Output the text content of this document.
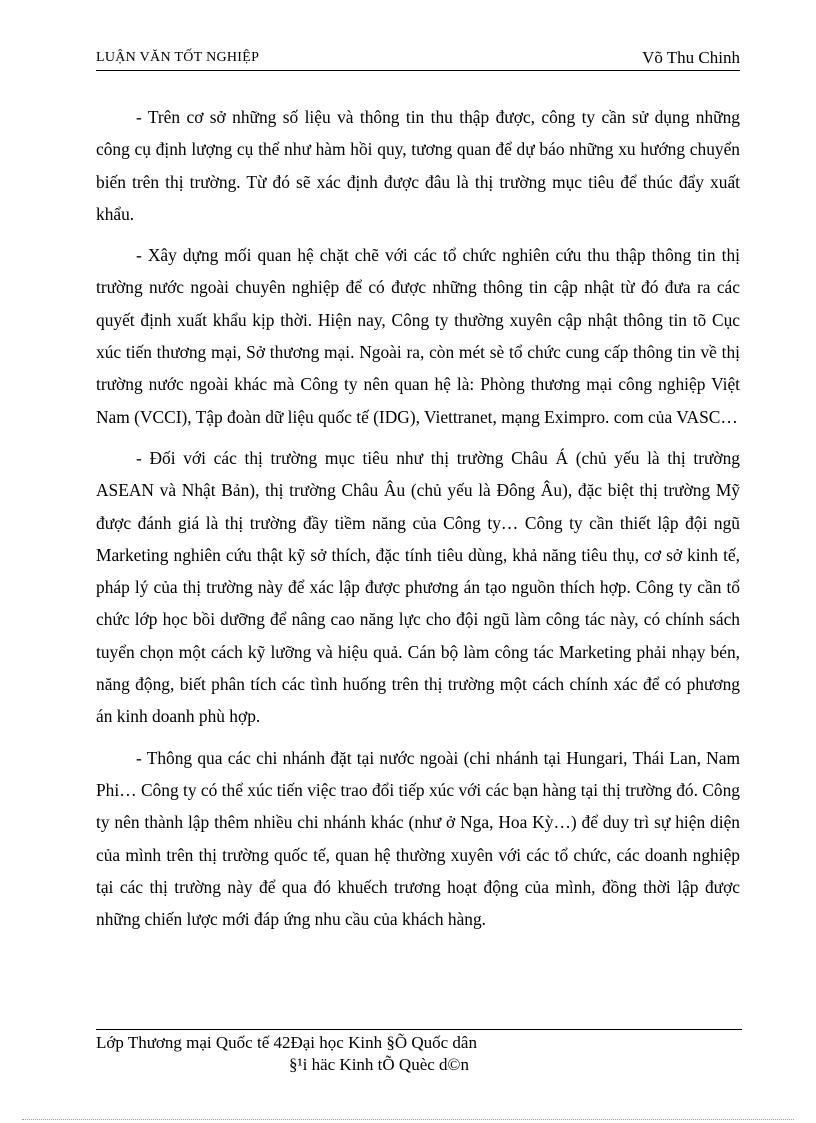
LUẬN VĂN TỐT NGHIỆP	Võ Thu Chinh

- Trên cơ sở những số liệu và thông tin thu thập được, công ty cần sử dụng những công cụ định lượng cụ thể như hàm hồi quy, tương quan để dự báo những xu hướng chuyển biến trên thị trường. Từ đó sẽ xác định được đâu là thị trường mục tiêu để thúc đẩy xuất khẩu.

- Xây dựng mối quan hệ chặt chẽ với các tổ chức nghiên cứu thu thập thông tin thị trường nước ngoài chuyên nghiệp để có được những thông tin cập nhật từ đó đưa ra các quyết định xuất khẩu kịp thời. Hiện nay, Công ty thường xuyên cập nhật thông tin tõ Cục xúc tiến thương mại, Sở thương mại. Ngoài ra, còn mét sè tổ chức cung cấp thông tin về thị trường nước ngoài khác mà Công ty nên quan hệ là: Phòng thương mại công nghiệp Việt Nam (VCCI), Tập đoàn dữ liệu quốc tế (IDG), Viettranet, mạng Eximpro. com của VASC…

- Đối với các thị trường mục tiêu như thị trường Châu Á (chủ yếu là thị trường ASEAN và Nhật Bản), thị trường Châu Âu (chủ yếu là Đông Âu), đặc biệt thị trường Mỹ được đánh giá là thị trường đầy tiềm năng của Công ty… Công ty cần thiết lập đội ngũ Marketing nghiên cứu thật kỹ sở thích, đặc tính tiêu dùng, khả năng tiêu thụ, cơ sở kinh tế, pháp lý của thị trường này để xác lập được phương án tạo nguồn thích hợp. Công ty cần tổ chức lớp học bồi dưỡng để nâng cao năng lực cho đội ngũ làm công tác này, có chính sách tuyển chọn một cách kỹ lưỡng và hiệu quả. Cán bộ làm công tác Marketing phải nhạy bén, năng động, biết phân tích các tình huống trên thị trường một cách chính xác để có phương án kinh doanh phù hợp.

- Thông qua các chi nhánh đặt tại nước ngoài (chi nhánh tại Hungari, Thái Lan, Nam Phi… Công ty có thể xúc tiến việc trao đổi tiếp xúc với các bạn hàng tại thị trường đó. Công ty nên thành lập thêm nhiều chi nhánh khác (như ở Nga, Hoa Kỳ…) để duy trì sự hiện diện của mình trên thị trường quốc tế, quan hệ thường xuyên với các tổ chức, các doanh nghiệp tại các thị trường này để qua đó khuếch trương hoạt động của mình, đồng thời lập được những chiến lược mới đáp ứng nhu cầu của khách hàng.

Lớp Thương mại Quốc tế 42Đại học Kinh §Õ Quốc dân
§¹i häc Kinh tÕ Quèc d©n
